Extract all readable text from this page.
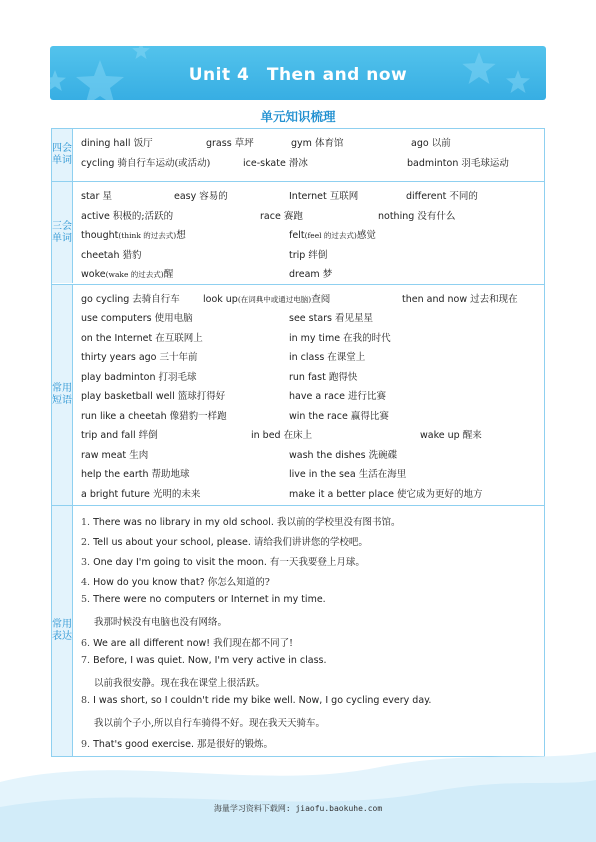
Unit 4　Then and now
单元知识梳理
四会单词
dining hall 饭厅	grass 草坪	gym 体育馆	ago 以前
cycling 骑自行车运动(或活动)	ice-skate 滑冰	badminton 羽毛球运动
三会单词
star 星	easy 容易的	Internet 互联网	different 不同的
active 积极的;活跃的	race 赛跑	nothing 没有什么
thought(think 的过去式)想	felt(feel 的过去式)感觉
cheetah 猎豹	trip 绊倒
woke(wake 的过去式)醒	dream 梦
常用短语
go cycling 去骑自行车 look up(在词典中或通过电脑)查阅	then and now 过去和现在
use computers 使用电脑	see stars 看见星星
on the Internet 在互联网上	in my time 在我的时代
thirty years ago 三十年前	in class 在课堂上
play badminton 打羽毛球	run fast 跑得快
play basketball well 篮球打得好	have a race 进行比赛
run like a cheetah 像猎豹一样跑	win the race 赢得比赛
trip and fall 绊倒	in bed 在床上	wake up 醒来
raw meat 生肉	wash the dishes 洗碗碟
help the earth 帮助地球	live in the sea 生活在海里
a bright future 光明的未来	make it a better place 使它成为更好的地方
常用表达
1. There was no library in my old school. 我以前的学校里没有图书馆。
2. Tell us about your school, please. 请给我们讲讲您的学校吧。
3. One day I'm going to visit the moon. 有一天我要登上月球。
4. How do you know that? 你怎么知道的?
5. There were no computers or Internet in my time.
我那时候没有电脑也没有网络。
6. We are all different now! 我们现在都不同了!
7. Before, I was quiet. Now, I'm very active in class.
以前我很安静。现在我在课堂上很活跃。
8. I was short, so I couldn't ride my bike well. Now, I go cycling every day.
我以前个子小,所以自行车骑得不好。现在我天天骑车。
9. That's good exercise. 那是很好的锻炼。
海量学习资料下载网: jiaofu.baokuhe.com
